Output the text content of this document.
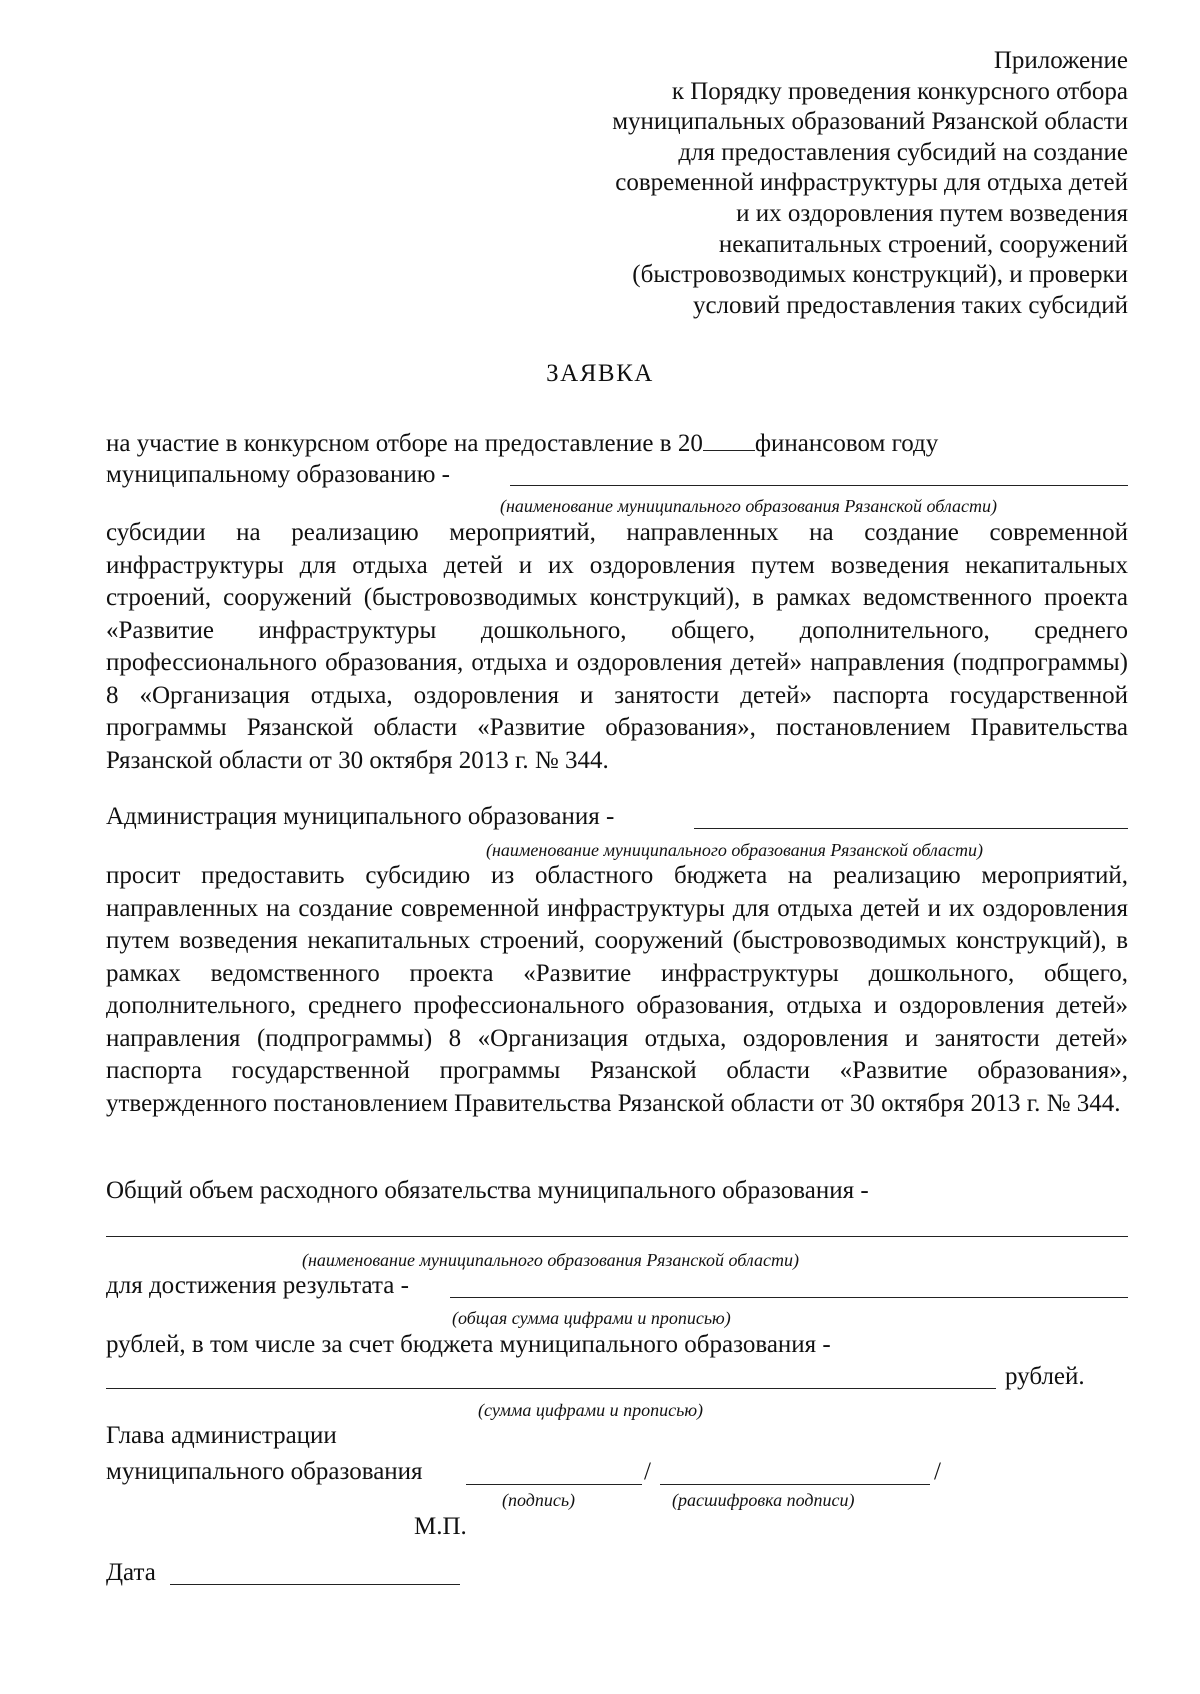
Приложение
к Порядку проведения конкурсного отбора
муниципальных образований Рязанской области
для предоставления субсидий на создание
современной инфраструктуры для отдыха детей
и их оздоровления путем возведения
некапитальных строений, сооружений
(быстровозводимых конструкций), и проверки
условий предоставления таких субсидий
ЗАЯВКА
на участие в конкурсном отборе на предоставление в 20 финансовом году
муниципальному образованию -
(наименование муниципального образования Рязанской области)
субсидии на реализацию мероприятий, направленных на создание современной инфраструктуры для отдыха детей и их оздоровления путем возведения некапитальных строений, сооружений (быстровозводимых конструкций), в рамках ведомственного проекта «Развитие инфраструктуры дошкольного, общего, дополнительного, среднего профессионального образования, отдыха и оздоровления детей» направления (подпрограммы) 8 «Организация отдыха, оздоровления и занятости детей» паспорта государственной программы Рязанской области «Развитие образования», постановлением Правительства Рязанской области от 30 октября 2013 г. № 344.
Администрация муниципального образования -
(наименование муниципального образования Рязанской области)
просит предоставить субсидию из областного бюджета на реализацию мероприятий, направленных на создание современной инфраструктуры для отдыха детей и их оздоровления путем возведения некапитальных строений, сооружений (быстровозводимых конструкций), в рамках ведомственного проекта «Развитие инфраструктуры дошкольного, общего, дополнительного, среднего профессионального образования, отдыха и оздоровления детей» направления (подпрограммы) 8 «Организация отдыха, оздоровления и занятости детей» паспорта государственной программы Рязанской области «Развитие образования», утвержденного постановлением Правительства Рязанской области от 30 октября 2013 г. № 344.
Общий объем расходного обязательства муниципального образования -
(наименование муниципального образования Рязанской области)
для достижения результата -
(общая сумма цифрами и прописью)
рублей, в том числе за счет бюджета муниципального образования -
рублей.
(сумма цифрами и прописью)
Глава администрации
муниципального образования	/	/
(подпись)	(расшифровка подписи)
М.П.
Дата
